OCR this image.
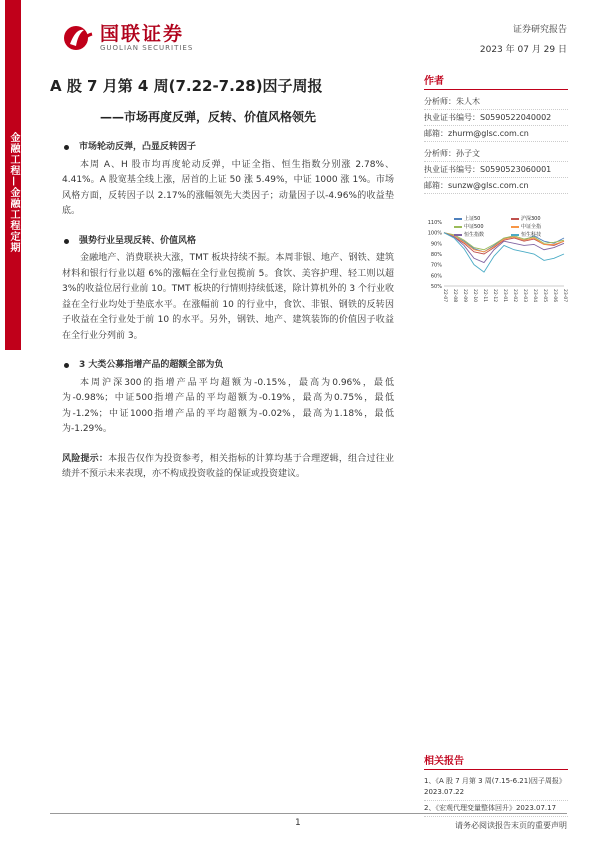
金融工程—金融工程定期
国联证券
GUOLIAN SECURITIES
证券研究报告
2023 年 07 月 29 日
A 股 7 月第 4 周(7.22-7.28)因子周报
——市场再度反弹，反转、价值风格领先
市场轮动反弹，凸显反转因子
本周 A、H 股市均再度轮动反弹，中证全指、恒生指数分别涨 2.78%、4.41%。A 股宽基全线上涨，居首的上证 50 涨 5.49%，中证 1000 涨 1%。市场风格方面，反转因子以 2.17%的涨幅领先大类因子；动量因子以-4.96%的收益垫底。
强势行业呈现反转、价值风格
金融地产、消费联袂大涨，TMT 板块持续不振。本周非银、地产、钢铁、建筑材料和银行行业以超 6%的涨幅在全行业包揽前 5。食饮、美容护理、轻工则以超 3%的收益位居行业前 10。TMT 板块的行情则持续低迷，除计算机外的 3 个行业收益在全行业均处于垫底水平。在涨幅前 10 的行业中，食饮、非银、钢铁的反转因子收益在全行业处于前 10 的水平。另外，钢铁、地产、建筑装饰的价值因子收益在全行业分列前 3。
3 大类公募指增产品的超额全部为负
本周沪深300的指增产品平均超额为-0.15%，最高为0.96%，最低为-0.98%；中证500指增产品的平均超额为-0.19%，最高为0.75%，最低为-1.2%；中证1000指增产品的平均超额为-0.02%，最高为1.18%，最低为-1.29%。
风险提示：本报告仅作为投资参考，相关指标的计算均基于合理逻辑，组合过往业绩并不预示未来表现，亦不构成投资收益的保证或投资建议。
作者
分析师：朱人木
执业证书编号：S0590522040002
邮箱：zhurm@glsc.com.cn
分析师：孙子文
执业证书编号：S0590523060001
邮箱：sunzw@glsc.com.cn
110%
100%
90%
80%
70%
60%
50%
22-07 22-08 22-09 22-10 22-11 22-12 23-01 23-02 23-03 23-04 23-05 23-06 23-07
上证50	沪深300
中证500	中证全指
恒生指数	恒生科技
相关报告
1、《A 股 7 月第 3 周(7.15-6.21)因子周报》2023.07.22
2、《宏观代理变量整体回升》2023.07.17
1	请务必阅读报告末页的重要声明
